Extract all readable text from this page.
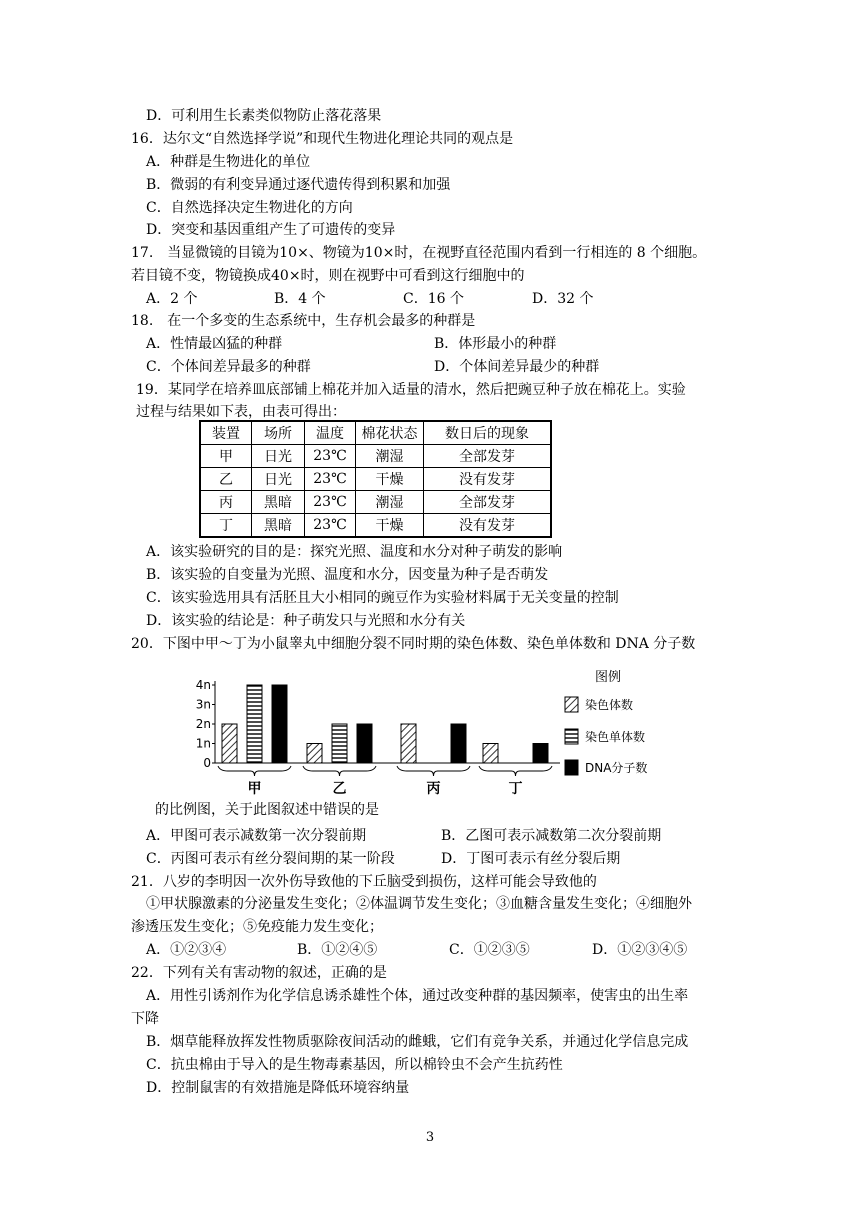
D．可利用生长素类似物防止落花落果
16．达尔文“自然选择学说”和现代生物进化理论共同的观点是
A．种群是生物进化的单位
B．微弱的有利变异通过逐代遗传得到积累和加强
C．自然选择决定生物进化的方向
D．突变和基因重组产生了可遗传的变异
17.　当显微镜的目镜为10×、物镜为10×时，在视野直径范围内看到一行相连的 8 个细胞。
若目镜不变，物镜换成40×时，则在视野中可看到这行细胞中的
A．2 个	B．4 个	C．16 个	D．32 个
18.　在一个多变的生态系统中，生存机会最多的种群是
A．性情最凶猛的种群	B．体形最小的种群
C．个体间差异最多的种群	D．个体间差异最少的种群
19．某同学在培养皿底部铺上棉花并加入适量的清水，然后把豌豆种子放在棉花上。实验
过程与结果如下表，由表可得出：
装置	场所	温度	棉花状态	数日后的现象
甲	日光	23℃	潮湿	全部发芽
乙	日光	23℃	干燥	没有发芽
丙	黑暗	23℃	潮湿	全部发芽
丁	黑暗	23℃	干燥	没有发芽
A．该实验研究的目的是：探究光照、温度和水分对种子萌发的影响
B．该实验的自变量为光照、温度和水分，因变量为种子是否萌发
C．该实验选用具有活胚且大小相同的豌豆作为实验材料属于无关变量的控制
D．该实验的结论是：种子萌发只与光照和水分有关
20．下图中甲～丁为小鼠睾丸中细胞分裂不同时期的染色体数、染色单体数和 DNA 分子数
0
1n
2n
3n
4n
甲	乙	丙	丁
图例
染色体数
染色单体数
DNA分子数
的比例图，关于此图叙述中错误的是
A．甲图可表示减数第一次分裂前期	B．乙图可表示减数第二次分裂前期
C．丙图可表示有丝分裂间期的某一阶段	D．丁图可表示有丝分裂后期
21．八岁的李明因一次外伤导致他的下丘脑受到损伤，这样可能会导致他的
①甲状腺激素的分泌量发生变化；②体温调节发生变化；③血糖含量发生变化；④细胞外
渗透压发生变化；⑤免疫能力发生变化；
A．①②③④	B．①②④⑤	C．①②③⑤	D．①②③④⑤
22．下列有关有害动物的叙述，正确的是
A．用性引诱剂作为化学信息诱杀雄性个体，通过改变种群的基因频率，使害虫的出生率
下降
B．烟草能释放挥发性物质驱除夜间活动的雌蛾，它们有竞争关系，并通过化学信息完成
C．抗虫棉由于导入的是生物毒素基因，所以棉铃虫不会产生抗药性
D．控制鼠害的有效措施是降低环境容纳量
3
